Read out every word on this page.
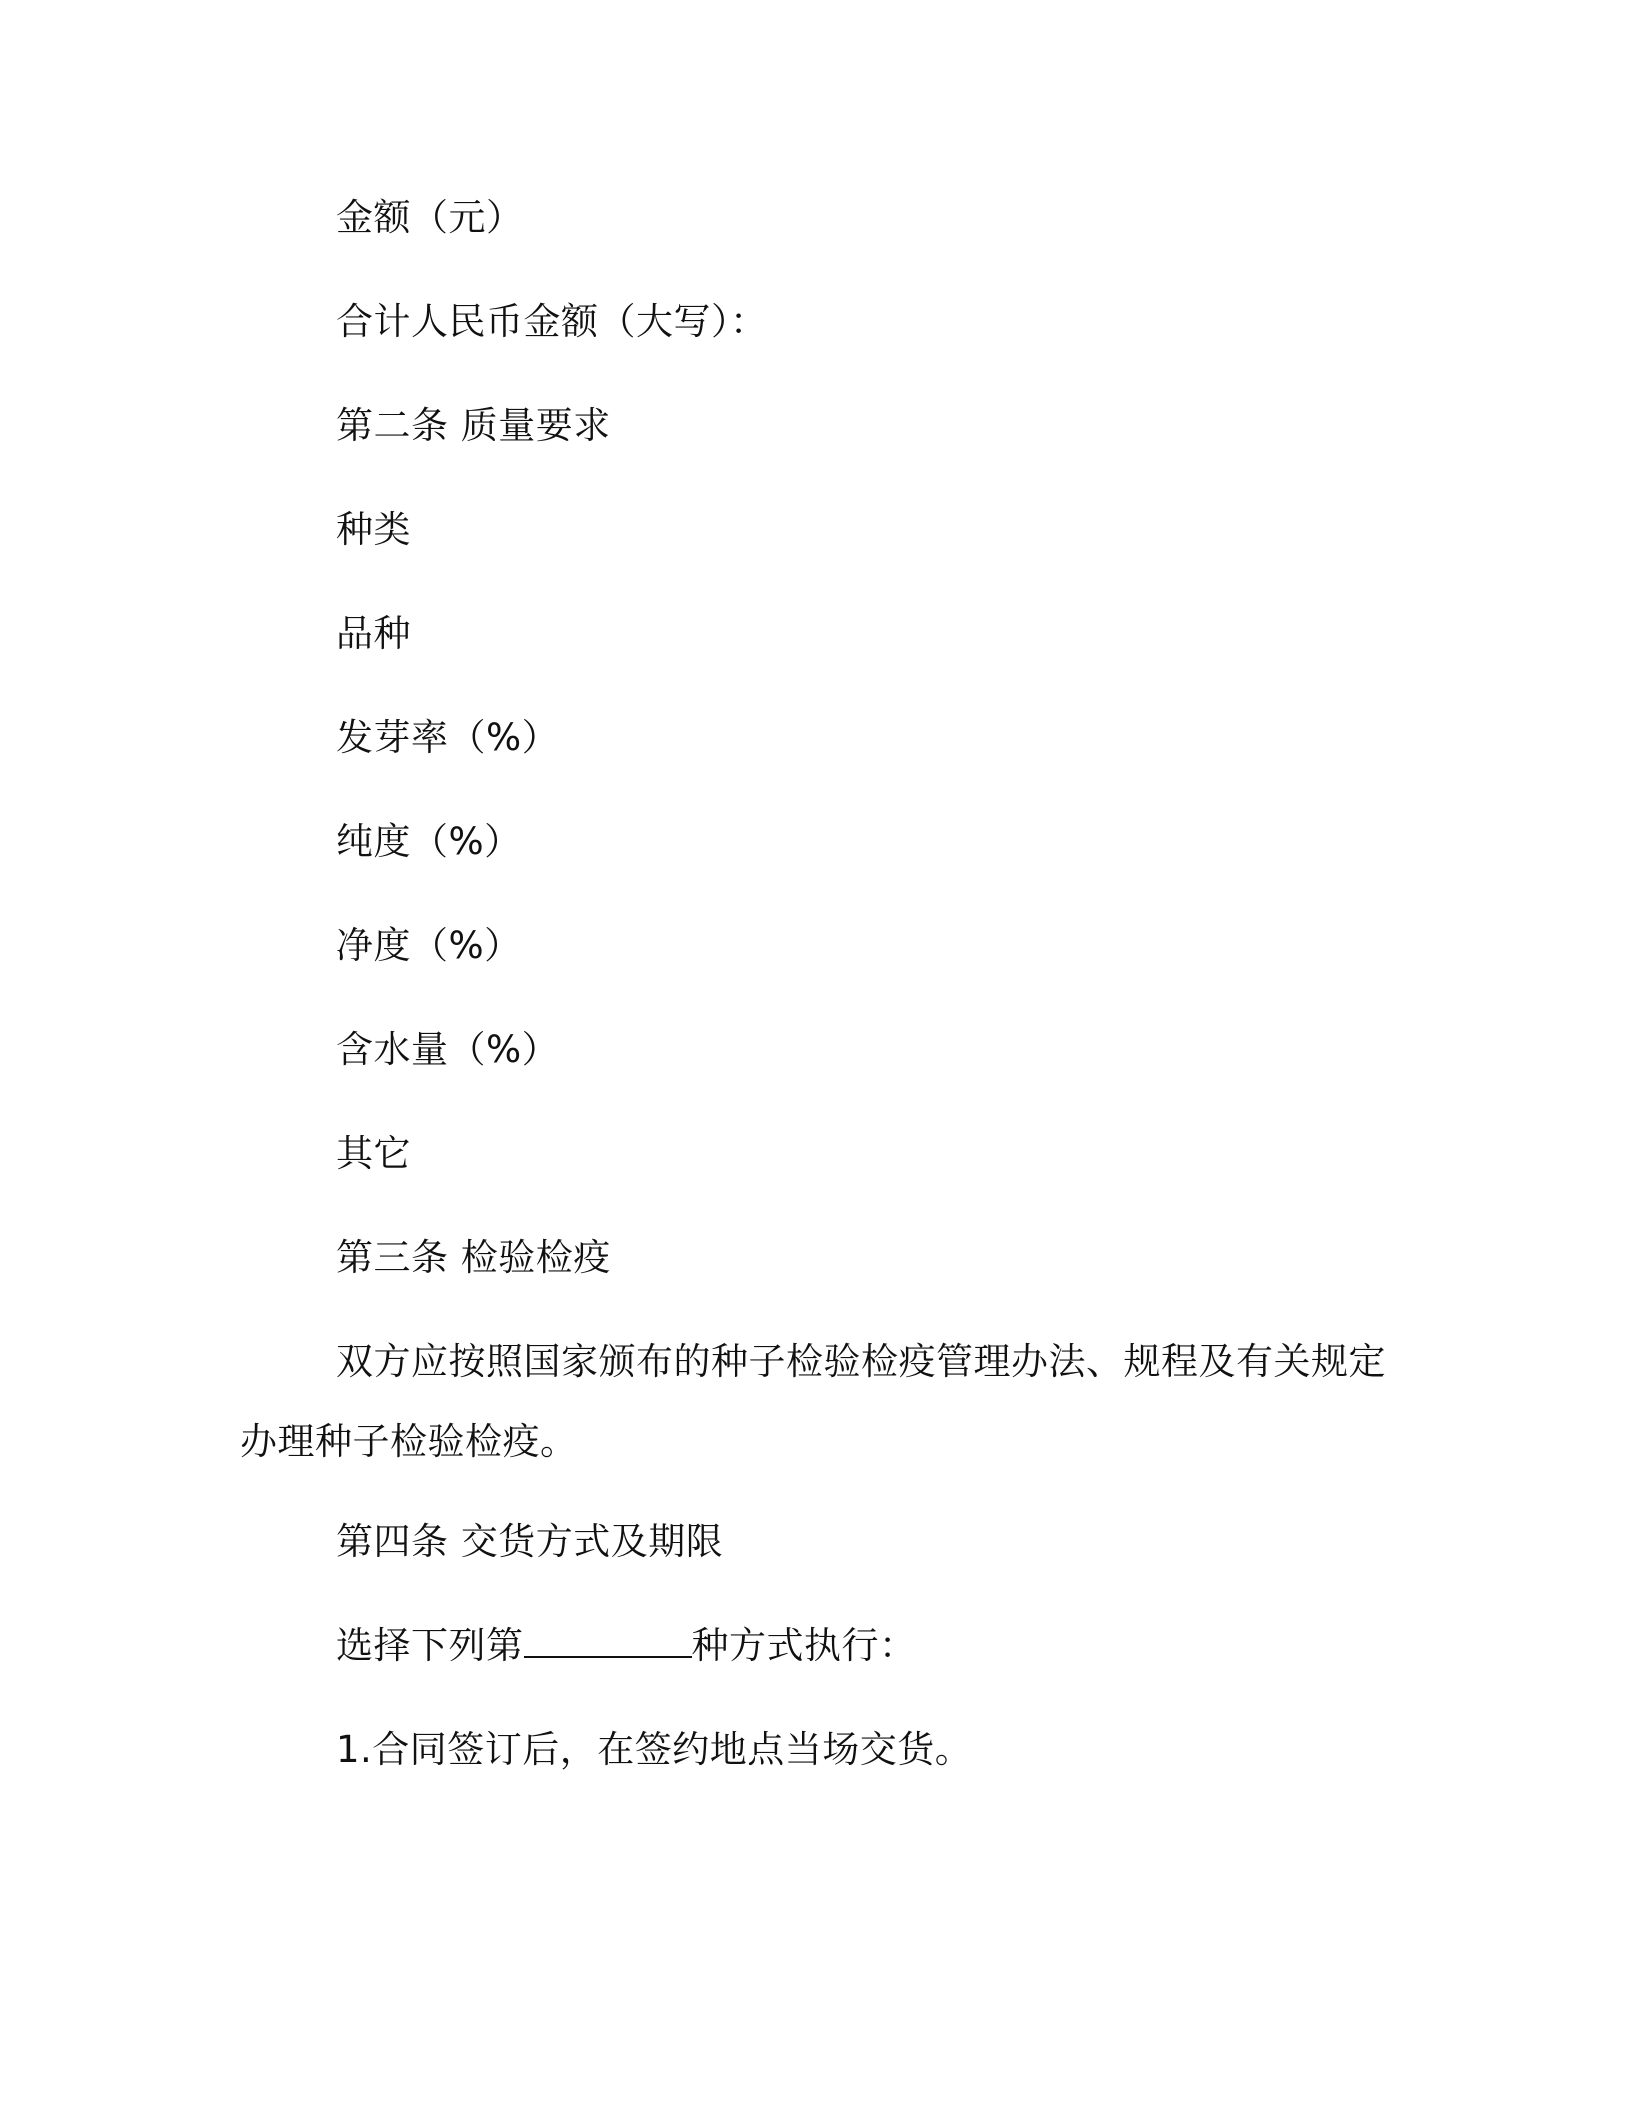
金额（元）
合计人民币金额（大写）：
第二条 质量要求
种类
品种
发芽率（%）
纯度（%）
净度（%）
含水量（%）
其它
第三条 检验检疫
双方应按照国家颁布的种子检验检疫管理办法、规程及有关规定办理种子检验检疫。
第四条 交货方式及期限
选择下列第	种方式执行：
1.合同签订后，在签约地点当场交货。
